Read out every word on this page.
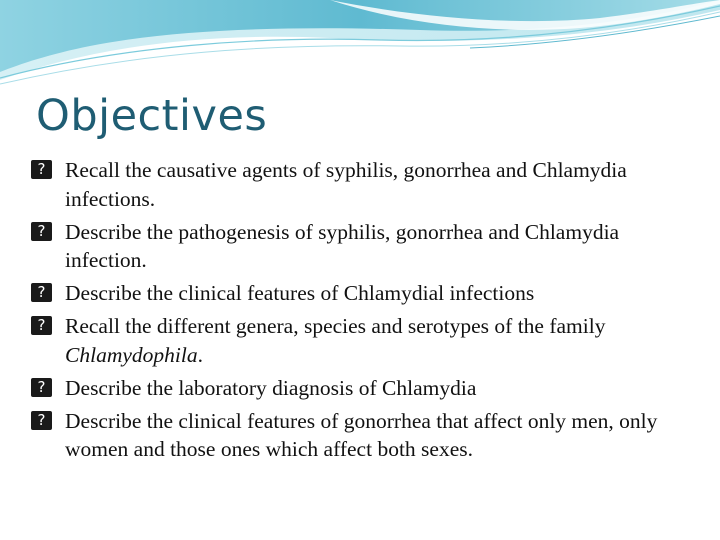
Objectives
? Recall the causative agents of syphilis, gonorrhea and Chlamydia infections.
? Describe the pathogenesis of syphilis, gonorrhea and Chlamydia infection.
? Describe the clinical features of Chlamydial infections
? Recall the different genera, species and serotypes of the family Chlamydophila.
? Describe the laboratory diagnosis of Chlamydia
? Describe the clinical features of gonorrhea that affect only men, only women and those ones which affect both sexes.
